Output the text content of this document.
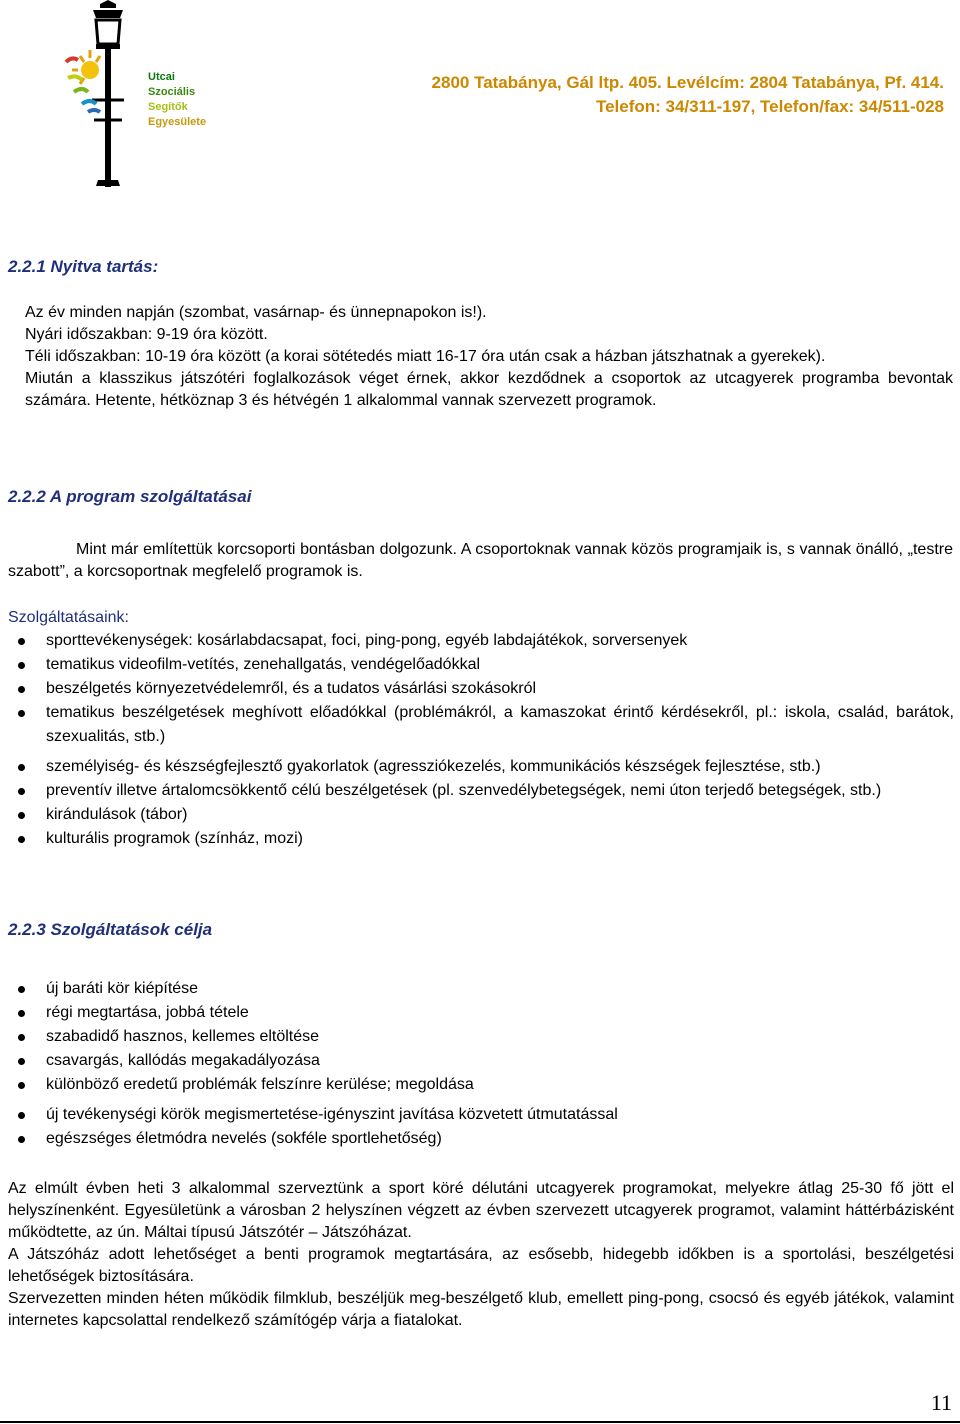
Utcai
Szociális
Segítők
Egyesülete
2800 Tatabánya, Gál ltp. 405. Levélcím: 2804 Tatabánya, Pf. 414.
Telefon: 34/311-197, Telefon/fax: 34/511-028
2.2.1 Nyitva tartás:
Az év minden napján (szombat, vasárnap- és ünnepnapokon is!).
Nyári időszakban: 9-19 óra között.
Téli időszakban: 10-19 óra között (a korai sötétedés miatt 16-17 óra után csak a házban játszhatnak a gyerekek).
Miután a klasszikus játszótéri foglalkozások véget érnek, akkor kezdődnek a csoportok az utcagyerek programba bevontak számára. Hetente, hétköznap 3 és hétvégén 1 alkalommal vannak szervezett programok.
2.2.2 A program szolgáltatásai
Mint már említettük korcsoporti bontásban dolgozunk. A csoportoknak vannak közös programjaik is, s vannak önálló, „testre szabott”, a korcsoportnak megfelelő programok is.
Szolgáltatásaink:
sporttevékenységek: kosárlabdacsapat, foci, ping-pong, egyéb labdajátékok, sorversenyek
tematikus videofilm-vetítés, zenehallgatás, vendégelőadókkal
beszélgetés környezetvédelemről, és a tudatos vásárlási szokásokról
tematikus beszélgetések meghívott előadókkal (problémákról, a kamaszokat érintő kérdésekről, pl.: iskola, család, barátok, szexualitás, stb.)
személyiség- és készségfejlesztő gyakorlatok (agressziókezelés, kommunikációs készségek fejlesztése, stb.)
preventív illetve ártalomcsökkentő célú beszélgetések (pl. szenvedélybetegségek, nemi úton terjedő betegségek, stb.)
kirándulások (tábor)
kulturális programok (színház, mozi)
2.2.3 Szolgáltatások célja
új baráti kör kiépítése
régi megtartása, jobbá tétele
szabadidő hasznos, kellemes eltöltése
csavargás, kallódás megakadályozása
különböző eredetű problémák felszínre kerülése; megoldása
új tevékenységi körök megismertetése-igényszint javítása közvetett útmutatással
egészséges életmódra nevelés (sokféle sportlehetőség)
Az elmúlt évben heti 3 alkalommal szerveztünk a sport köré délutáni utcagyerek programokat, melyekre átlag 25-30 fő jött el helyszínenként. Egyesületünk a városban 2 helyszínen végzett az évben szervezett utcagyerek programot, valamint háttérbázisként működtette, az ún. Máltai típusú Játszótér – Játszóházat.
A Játszóház adott lehetőséget a benti programok megtartására, az esősebb, hidegebb időkben is a sportolási, beszélgetési lehetőségek biztosítására.
Szervezetten minden héten működik filmklub, beszéljük meg-beszélgető klub, emellett ping-pong, csocsó és egyéb játékok, valamint internetes kapcsolattal rendelkező számítógép várja a fiatalokat.
11
